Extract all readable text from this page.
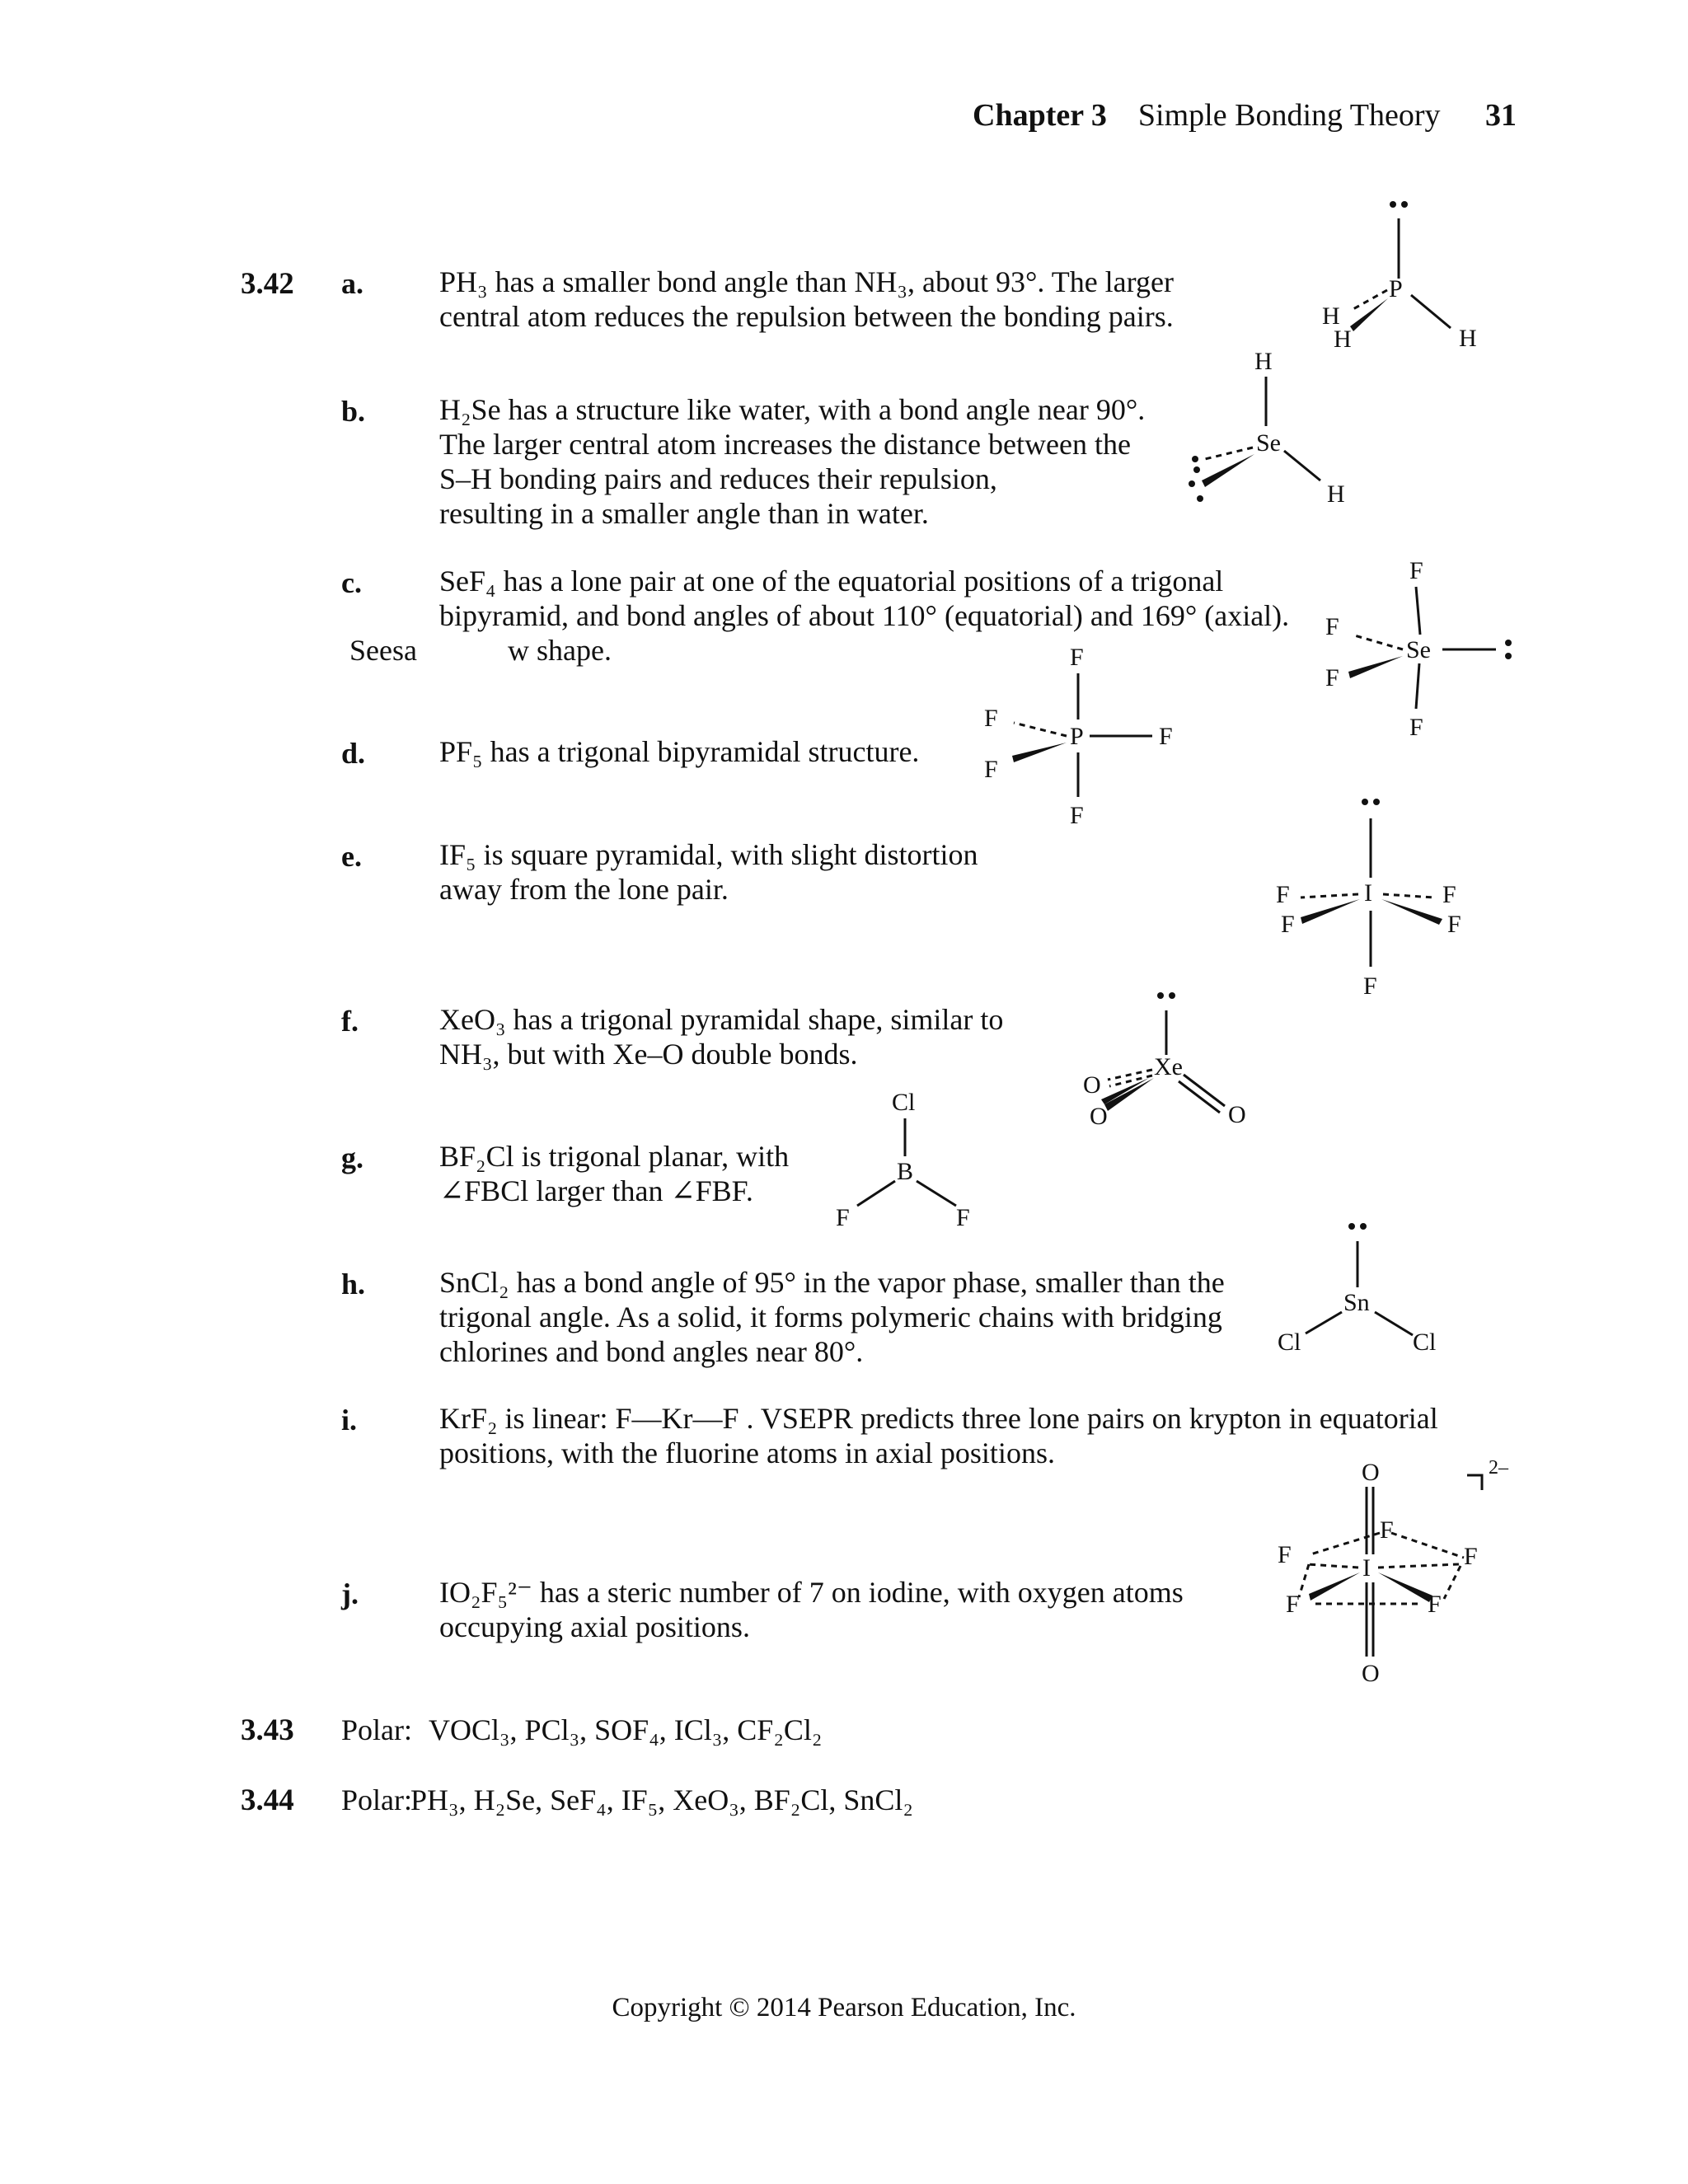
Chapter 3 Simple Bonding Theory 31
3.42 a.	PH₃ has a smaller bond angle than NH₃, about 93°. The larger
central atom reduces the repulsion between the bonding pairs.
b. H₂Se has a structure like water, with a bond angle near 90°.
The larger central atom increases the distance between the
S–H bonding pairs and reduces their repulsion,
resulting in a smaller angle than in water.
c.	SeF₄ has a lone pair at one of the equatorial positions of a trigonal
bipyramid, and bond angles of about 110° (equatorial) and 169° (axial).
Seesa	w shape.
d. PF₅ has a trigonal bipyramidal structure.
e.	IF₅ is square pyramidal, with slight distortion
away from the lone pair.
f.	XeO₃ has a trigonal pyramidal shape, similar to
NH₃, but with Xe–O double bonds.
g.	BF₂Cl is trigonal planar, with
∠FBCl larger than ∠FBF.
h. SnCl₂ has a bond angle of 95° in the vapor phase, smaller than the
trigonal angle. As a solid, it forms polymeric chains with bridging
chlorines and bond angles near 80°.
i.	KrF₂ is linear: F—Kr—F . VSEPR predicts three lone pairs on krypton in equatorial
positions, with the fluorine atoms in axial positions.
j.	IO₂F₅²⁻ has a steric number of 7 on iodine, with oxygen atoms
occupying axial positions.
3.43 Polar: VOCl₃, PCl₃, SOF₄, ICl₃, CF₂Cl₂
3.44 Polar:
PH₃, H₂Se, SeF₄, IF₅, XeO₃, BF₂Cl, SnCl₂
P
H
H	H
H
Se
H
F
Se
F
F
F
F
P	F
F
F
F
I
F	F
F	F
F
Xe
O
O	O
Cl
B
F	F
Sn
Cl	Cl
O	2–
F
F	F
I
F	F
O
Copyright © 2014 Pearson Education, Inc.
